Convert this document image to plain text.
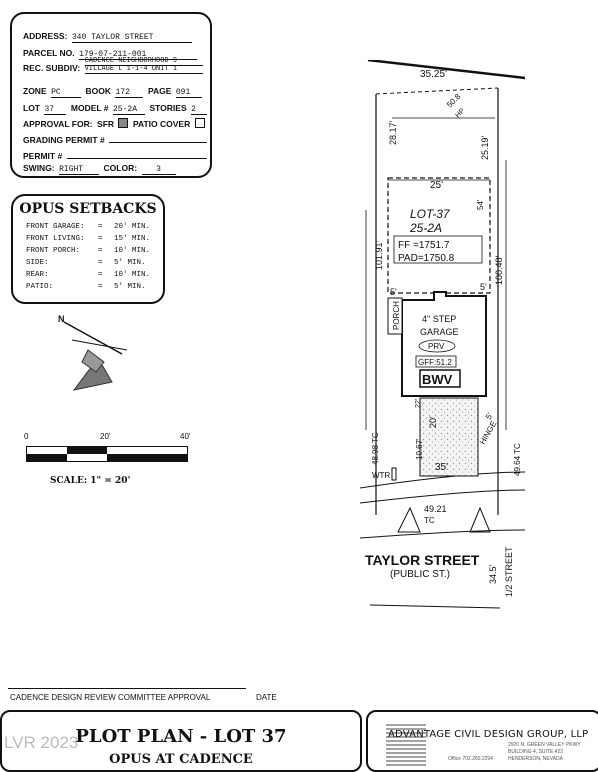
ADDRESS: 340 TAYLOR STREET
PARCEL NO. 179-07-211-001
$^{REC. SUBDIV:}$
CADENCE NEIGHBORHOOD 9
VILLAGE L 1-1-4 UNIT 1
ZONE PC	BOOK 172 PAGE 091
LOT 37 MODEL # 25-2A STORIES 2
APPROVAL FOR: SFR PATIO COVER
GRADING PERMIT #
PERMIT #
SWING: RIGHT COLOR: 3
OPUS SETBACKS
FRONT GARAGE: = 20' MIN.
FRONT LIVING: = 15' MIN.
FRONT PORCH: = 10' MIN.
SIDE:	= 5' MIN.
REAR:	= 10' MIN.
PATIO:	= 5' MIN.
N
0	20'	40'
SCALE: 1" = 20'
35.25'
50.8
HP
28.17'
25.19'
25'
54'
LOT-37
25-2A
FF =1751.7
PAD=1750.8
101.91'
100.48'
5'	5'
PORCH 4" STEP
GARAGE
PRV
GFF:51.2
BWV
22'
20'
10.67'
HINGE
5'
35'
48.98 TC	49.64 TC
WTR
49.21
TC
TAYLOR STREET
(PUBLIC ST.)	34.5' 1/2 STREET
CADENCE DESIGN REVIEW COMMITTEE APPROVAL	DATE
PLOT PLAN - LOT 37
OPUS AT CADENCE
ADVANTAGE CIVIL DESIGN GROUP, LLP
2920 N. GREEN VALLEY PKWY
BUILDING 4, SUITE 422
HENDERSON, NEVADA
Office 702.260.2294
LVR 2023
